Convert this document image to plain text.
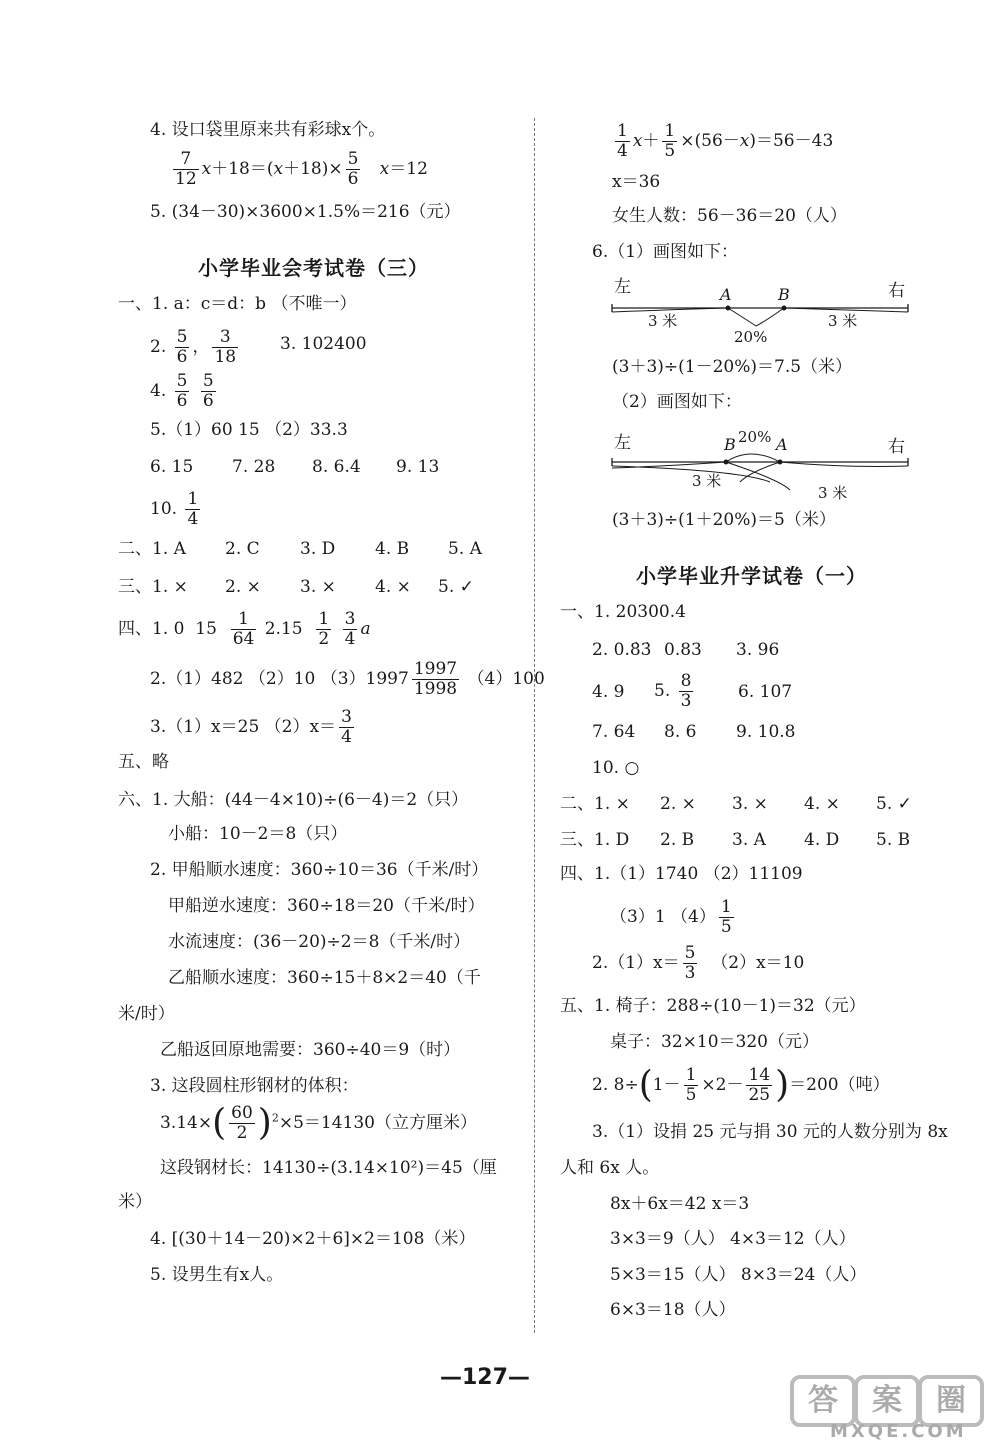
4. 设口袋里原来共有彩球x个。
$\frac{7}{12} x+18=(x+18)\times \frac{5}{6} x=12$
5. (34－30)×3600×1.5%＝216（元）
小学毕业会考试卷（三）
一、1. a：c＝d：b （不唯一）
2. $\frac{5}{6}$ ， $\frac{3}{18} 3$. 102400
4. $\frac{5}{6}$
$\frac{5}{6}$
5.（1）60 15 （2）33.3
6. 15 7. 28 8. 6.4 9. 13
10. $\frac{1}{4}$
二、1. A 2. C 3. D 4. B 5. A
三、1. × 2. × 3. × 4. × 5. ✓
四、1. 0  $15 \frac{1}{64} 2.15 \frac{1}{2}$
$\frac{3}{4}$ a
2.（1）482 （2）10 $(3)1997 \frac{1997}{1998} (4)100$
3.（1）x＝25 $(2)x= \frac{3}{4}$
五、略
六、1. 大船：(44－4×10)÷(6－4)＝2（只）
小船：10－2＝8（只）
2. 甲船顺水速度：360÷10＝36（千米/时）
甲船逆水速度：360÷18＝20（千米/时）
水流速度：(36－20)÷2＝8（千米/时）
乙船顺水速度：360÷15＋8×2＝40（千
米/时）
乙船返回原地需要：360÷40＝9（时）
3. 这段圆柱形钢材的体积：
$3.14\times( \frac{60}{2} )^2\times 5=14130$（立方厘米）
这段钢材长：14130÷(3.14×10²)＝45（厘
米）
4. [(30＋14－20)×2＋6]×2＝108（米）
5. 设男生有x人。
$\frac{1}{4} x+ \frac{1}{5} \times(56-x)=56-43$
x＝36
女生人数：56－36＝20（人）
6.（1）画图如下：
左	右
A	B
3 米	3 米
20%
(3＋3)÷(1－20%)＝7.5（米）
（2）画图如下：
左	右
B 20% A
3 米
3 米
(3＋3)÷(1＋20%)＝5（米）
小学毕业升学试卷（一）
一、1. 20300.4
2. 0.8̇3̇ 0.83 3. 96
4. 9 5. $\frac{8}{3}$	6. 107
7. 64 8. 6 9. 10.8
10. ○
二、1. × 2. × 3. × 4. × 5. ✓
三、1. D 2. B 3. A 4. D 5. B
四、1.（1）1740 （2）11109
（3）1 $(4) \frac{1}{5}$
$2.(1)x= \frac{5}{3} (2)x=10$
五、1. 椅子：288÷(10－1)＝32（元）
桌子：32×10＝320（元）
2. $8\div(1- \frac{1}{5} \times 2- \frac{14}{25} )=200$（吨）
3.（1）设捐 25 元与捐 30 元的人数分别为 8x
人和 6x 人。
8x＋6x＝42 x＝3
3×3＝9（人） 4×3＝12（人）
5×3＝15（人） 8×3＝24（人）
6×3＝18（人）
—127—
答	案	圈
MXQE.COM
